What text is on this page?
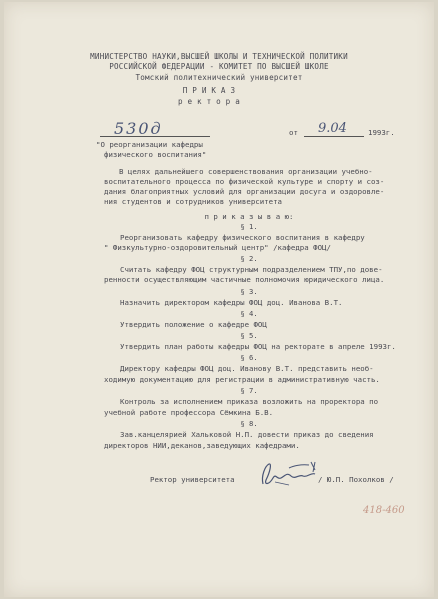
МИНИСТЕРСТВО НАУКИ,ВЫСШЕЙ ШКОЛЫ И ТЕХНИЧЕСКОЙ ПОЛИТИКИ
РОССИЙСКОЙ ФЕДЕРАЦИИ - КОМИТЕТ ПО ВЫСШЕЙ ШКОЛЕ
Томский политехнический университет
П Р И К А З
р е к т о р а
530д	от 9.04	1993г.
"О реорганизации кафедры
физического воспитания"
В целях дальнейшего совершенствования организации учебно-
воспитательного процесса по физической культуре и спорту и соз-
дания благоприятных условий для организации досуга и оздоровле-
ния студентов и сотрудников университета
п р и к а з ы в а ю:
§ 1.
Реорганизовать кафедру физического воспитания в кафедру
" Физкультурно-оздоровительный центр" /кафедра ФОЦ/
§ 2.
Считать кафедру ФОЦ структурным подразделением ТПУ,по дове-
ренности осуществляющим частичные полномочия юридического лица.
§ 3.
Назначить директором кафедры ФОЦ доц. Иванова В.Т.
§ 4.
Утвердить положение о кафедре ФОЦ
§ 5.
Утвердить план работы кафедры ФОЦ на ректорате в апреле 1993г.
§ 6.
Директору кафедры ФОЦ доц. Иванову В.Т. представить необ-
ходимую документацию для регистрации в административную часть.
§ 7.
Контроль за исполнением приказа возложить на проректора по
учебной работе профессора Сёмкина Б.В.
§ 8.
Зав.канцелярией Хальковой Н.П. довести приказ до сведения
директоров НИИ,деканов,заведующих кафедрами.
Ректор университета	/ Ю.П. Похолков /
418-460
